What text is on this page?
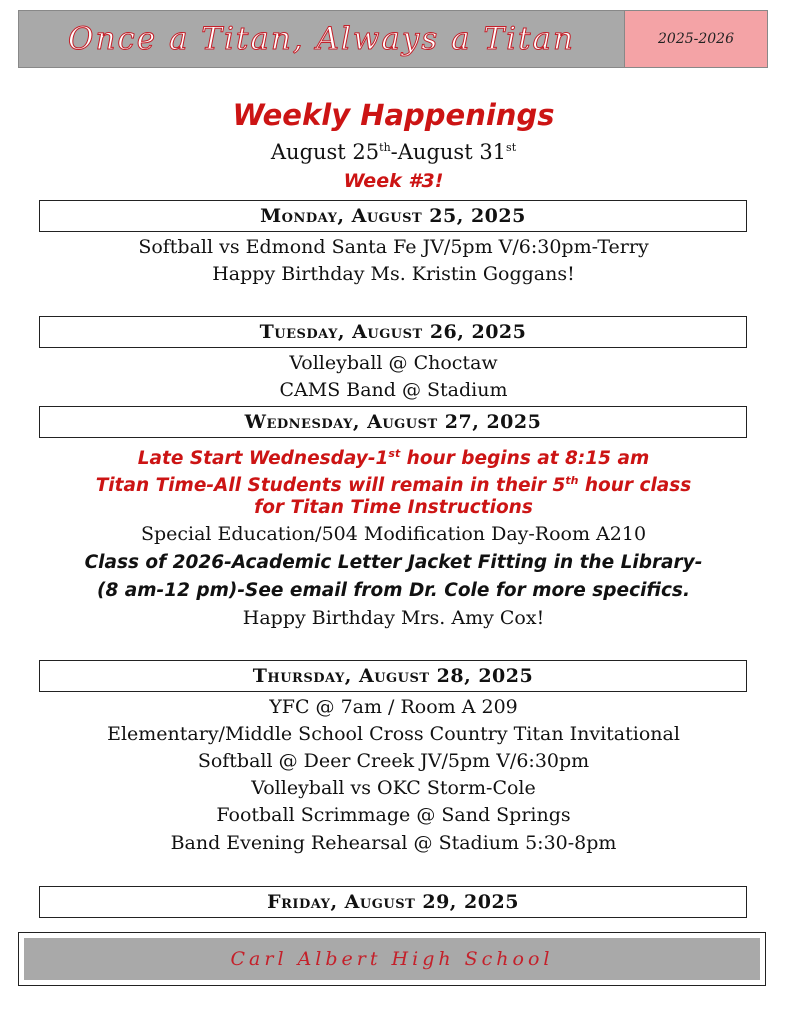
Once a Titan, Always a Titan	2025-2026
Weekly Happenings
August 25th-August 31st
Week #3!
Monday, August 25, 2025
Softball vs Edmond Santa Fe JV/5pm V/6:30pm-Terry
Happy Birthday Ms. Kristin Goggans!
Tuesday, August 26, 2025
Volleyball @ Choctaw
CAMS Band @ Stadium
Wednesday, August 27, 2025
Late Start Wednesday-1st hour begins at 8:15 am
Titan Time-All Students will remain in their 5th hour class
for Titan Time Instructions
Special Education/504 Modification Day-Room A210
Class of 2026-Academic Letter Jacket Fitting in the Library-
(8 am-12 pm)-See email from Dr. Cole for more specifics.
Happy Birthday Mrs. Amy Cox!
Thursday, August 28, 2025
YFC @ 7am / Room A 209
Elementary/Middle School Cross Country Titan Invitational
Softball @ Deer Creek JV/5pm V/6:30pm
Volleyball vs OKC Storm-Cole
Football Scrimmage @ Sand Springs
Band Evening Rehearsal @ Stadium 5:30-8pm
Friday, August 29, 2025
Carl Albert High School
